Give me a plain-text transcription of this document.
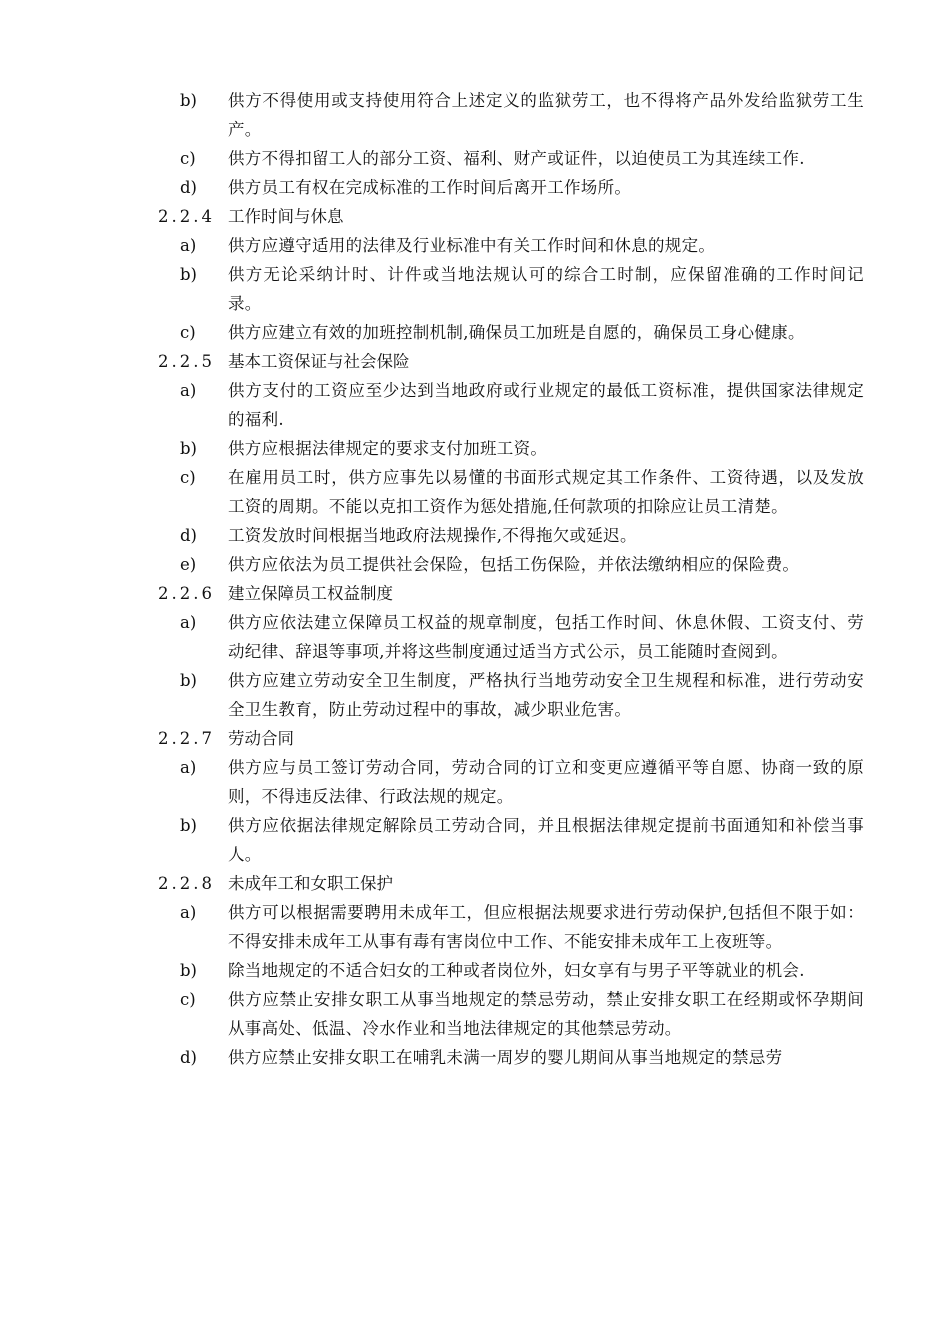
b) 供方不得使用或支持使用符合上述定义的监狱劳工，也不得将产品外发给监狱劳工生产。
c) 供方不得扣留工人的部分工资、福利、财产或证件，以迫使员工为其连续工作.
d) 供方员工有权在完成标准的工作时间后离开工作场所。
2.2.4 工作时间与休息
a) 供方应遵守适用的法律及行业标准中有关工作时间和休息的规定。
b) 供方无论采纳计时、计件或当地法规认可的综合工时制，应保留准确的工作时间记录。
c) 供方应建立有效的加班控制机制,确保员工加班是自愿的，确保员工身心健康。
2.2.5 基本工资保证与社会保险
a) 供方支付的工资应至少达到当地政府或行业规定的最低工资标准，提供国家法律规定的福利.
b) 供方应根据法律规定的要求支付加班工资。
c) 在雇用员工时，供方应事先以易懂的书面形式规定其工作条件、工资待遇，以及发放工资的周期。不能以克扣工资作为惩处措施,任何款项的扣除应让员工清楚。
d) 工资发放时间根据当地政府法规操作,不得拖欠或延迟。
e) 供方应依法为员工提供社会保险，包括工伤保险，并依法缴纳相应的保险费。
2.2.6 建立保障员工权益制度
a) 供方应依法建立保障员工权益的规章制度，包括工作时间、休息休假、工资支付、劳动纪律、辞退等事项,并将这些制度通过适当方式公示，员工能随时查阅到。
b) 供方应建立劳动安全卫生制度，严格执行当地劳动安全卫生规程和标准，进行劳动安全卫生教育，防止劳动过程中的事故，减少职业危害。
2.2.7 劳动合同
a) 供方应与员工签订劳动合同，劳动合同的订立和变更应遵循平等自愿、协商一致的原则，不得违反法律、行政法规的规定。
b) 供方应依据法律规定解除员工劳动合同，并且根据法律规定提前书面通知和补偿当事人。
2.2.8 未成年工和女职工保护
a) 供方可以根据需要聘用未成年工，但应根据法规要求进行劳动保护,包括但不限于如：不得安排未成年工从事有毒有害岗位中工作、不能安排未成年工上夜班等。
b) 除当地规定的不适合妇女的工种或者岗位外，妇女享有与男子平等就业的机会.
c) 供方应禁止安排女职工从事当地规定的禁忌劳动，禁止安排女职工在经期或怀孕期间从事高处、低温、冷水作业和当地法律规定的其他禁忌劳动。
d) 供方应禁止安排女职工在哺乳未满一周岁的婴儿期间从事当地规定的禁忌劳
